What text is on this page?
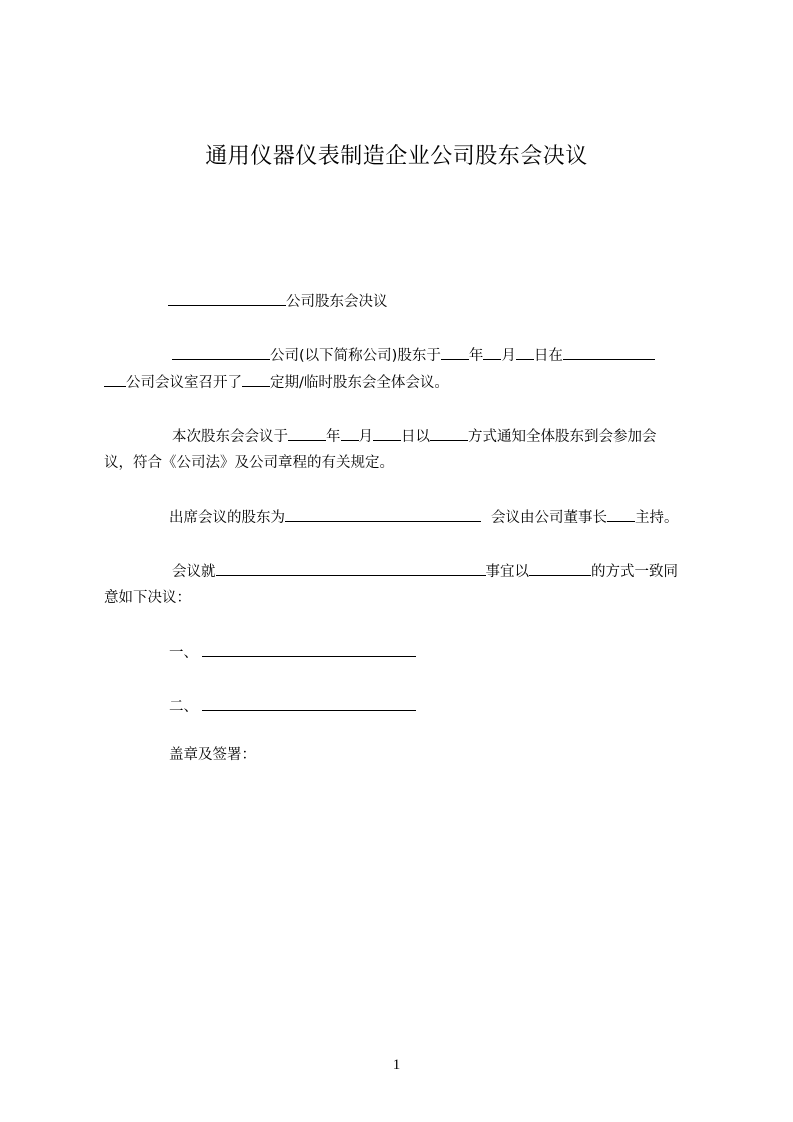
通用仪器仪表制造企业公司股东会决议
公司股东会决议
公司(以下简称公司)股东于 年 月 日在
公司会议室召开了 定期/临时股东会全体会议。
本次股东会会议于	年 月 日以	方式通知全体股东到会参加会
议，符合《公司法》及公司章程的有关规定。
出席会议的股东为	会议由公司董事长 主持。
会议就	事宜以	的方式一致同
意如下决议：
一、
二、
盖章及签署：
1
